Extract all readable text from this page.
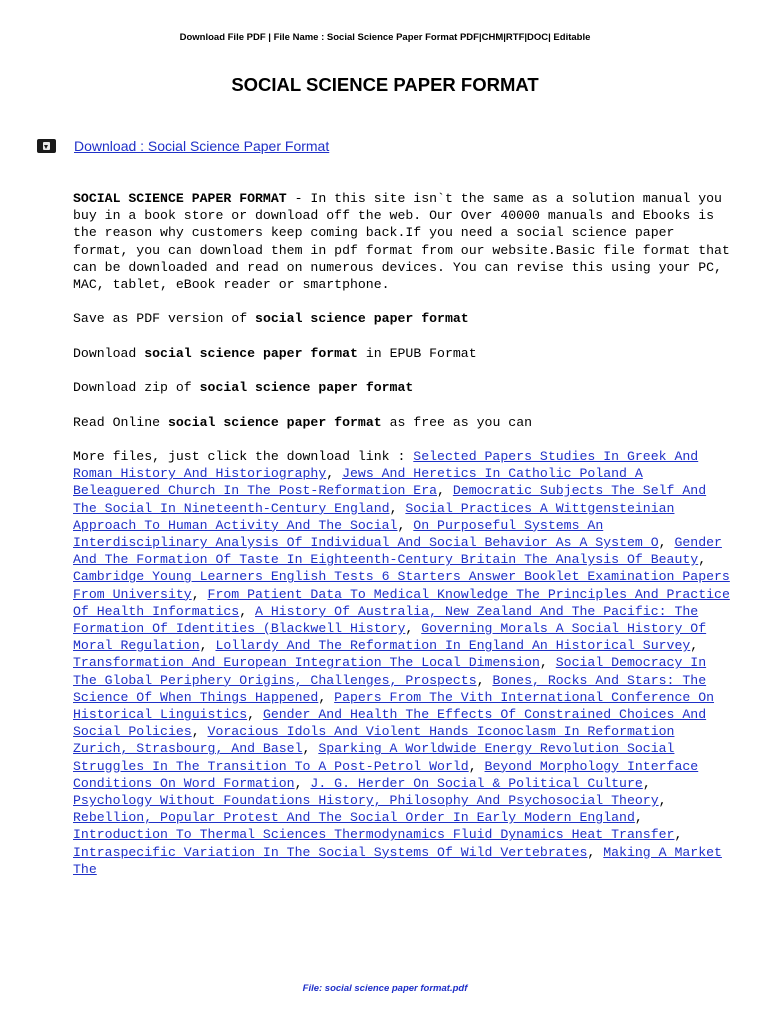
Download File PDF | File Name : Social Science Paper Format PDF|CHM|RTF|DOC| Editable
SOCIAL SCIENCE PAPER FORMAT
Download : Social Science Paper Format

SOCIAL SCIENCE PAPER FORMAT - In this site isn`t the same as a solution manual you buy in a book store or download off the web. Our Over 40000 manuals and Ebooks is the reason why customers keep coming back.If you need a social science paper format, you can download them in pdf format from our website.Basic file format that can be downloaded and read on numerous devices. You can revise this using your PC, MAC, tablet, eBook reader or smartphone.

Save as PDF version of social science paper format

Download social science paper format in EPUB Format

Download zip of social science paper format

Read Online social science paper format as free as you can

More files, just click the download link : Selected Papers Studies In Greek And Roman History And Historiography, Jews And Heretics In Catholic Poland A Beleaguered Church In The Post-Reformation Era, Democratic Subjects The Self And The Social In Nineteenth-Century England, Social Practices A Wittgensteinian Approach To Human Activity And The Social, On Purposeful Systems An Interdisciplinary Analysis Of Individual And Social Behavior As A System O, Gender And The Formation Of Taste In Eighteenth-Century Britain The Analysis Of Beauty, Cambridge Young Learners English Tests 6 Starters Answer Booklet Examination Papers From University, From Patient Data To Medical Knowledge The Principles And Practice Of Health Informatics, A History Of Australia, New Zealand And The Pacific: The Formation Of Identities (Blackwell History, Governing Morals A Social History Of Moral Regulation, Lollardy And The Reformation In England An Historical Survey, Transformation And European Integration The Local Dimension, Social Democracy In The Global Periphery Origins, Challenges, Prospects, Bones, Rocks And Stars: The Science Of When Things Happened, Papers From The Vith International Conference On Historical Linguistics, Gender And Health The Effects Of Constrained Choices And Social Policies, Voracious Idols And Violent Hands Iconoclasm In Reformation Zurich, Strasbourg, And Basel, Sparking A Worldwide Energy Revolution Social Struggles In The Transition To A Post-Petrol World, Beyond Morphology Interface Conditions On Word Formation, J. G. Herder On Social & Political Culture, Psychology Without Foundations History, Philosophy And Psychosocial Theory, Rebellion, Popular Protest And The Social Order In Early Modern England, Introduction To Thermal Sciences Thermodynamics Fluid Dynamics Heat Transfer, Intraspecific Variation In The Social Systems Of Wild Vertebrates, Making A Market The

File: social science paper format.pdf
